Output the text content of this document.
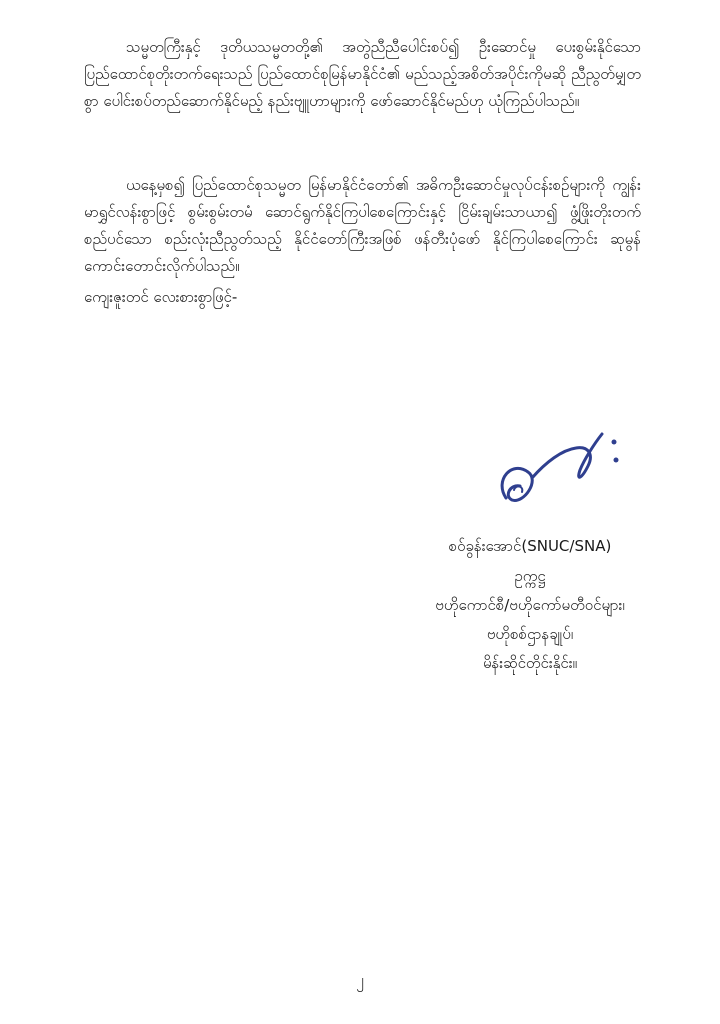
သမ္မတကြီးနှင့် ဒုတိယသမ္မတတို့၏ အတွဲညီညီပေါင်းစပ်၍ ဦးဆောင်မှု ပေးစွမ်းနိုင်သော ပြည်ထောင်စုတိုးတက်ရေးသည် ပြည်ထောင်စုမြန်မာနိုင်ငံ၏ မည်သည့်အစိတ်အပိုင်းကိုမဆို ညီညွတ်မျှတစွာ ပေါင်းစပ်တည်ဆောက်နိုင်မည့် နည်းဗျူဟာများကို ဖော်ဆောင်နိုင်မည်ဟု ယုံကြည်ပါသည်။

ယနေ့မှစ၍ ပြည်ထောင်စုသမ္မတ မြန်မာနိုင်ငံတော်၏ အဓိကဦးဆောင်မှုလုပ်ငန်းစဉ်များကို ကျွန်းမာရွှင်လန်းစွာဖြင့် စွမ်းစွမ်းတမံ ဆောင်ရွက်နိုင်ကြပါစေကြောင်းနှင့် ငြိမ်းချမ်းသာယာ၍ ဖွံ့ဖြိုးတိုးတက်စည်ပင်သော စည်းလုံးညီညွတ်သည့် နိုင်ငံတော်ကြီးအဖြစ် ဖန်တီးပုံဖော် နိုင်ကြပါစေကြောင်း ဆုမွန်ကောင်းတောင်းလိုက်ပါသည်။

ကျေးဇူးတင် လေးစားစွာဖြင့်-

စဝ်ခွန်းအောင်(SNUC/SNA)
ဥက္ကဋ္ဌ
ဗဟိုကောင်စီ/ဗဟိုကော်မတီဝင်များ၊
ဗဟိုစစ်ဌာနချုပ်၊
မိန်းဆိုင်တိုင်းနိုင်း။
၂
